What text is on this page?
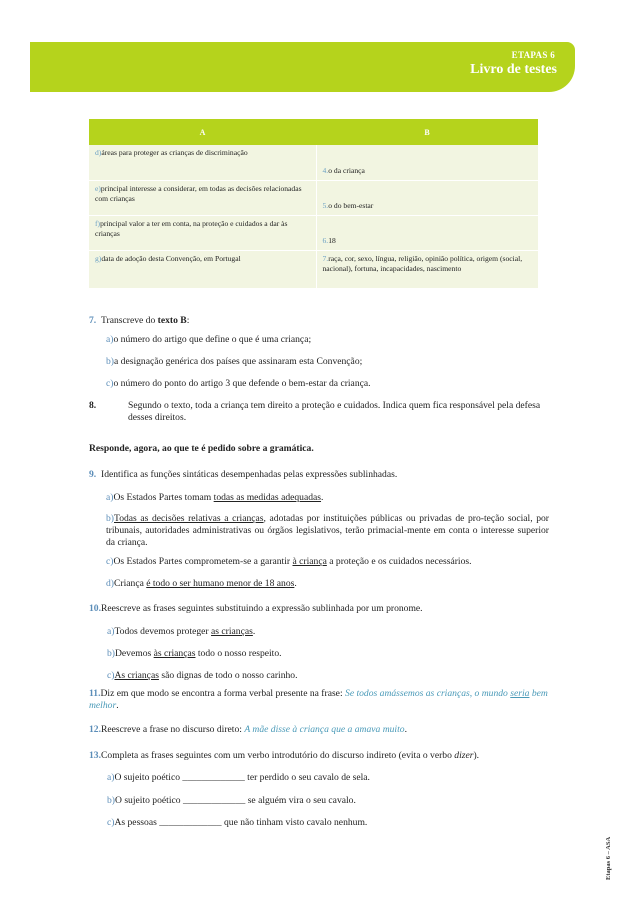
ETAPAS 6
Livro de testes
A	B
d)áreas para proteger as crianças de discriminação	4.o da criança
e)principal interesse a considerar, em todas as decisões relacionadas com crianças	5.o do bem-estar
f)principal valor a ter em conta, na proteção e cuidados a dar às crianças	6.18
g)data de adoção desta Convenção, em Portugal	7.raça, cor, sexo, língua, religião, opinião política, origem (social, nacional), fortuna, incapacidades, nascimento
7. Transcreve do texto B:
a)o número do artigo que define o que é uma criança;
b)a designação genérica dos países que assinaram esta Convenção;
c)o número do ponto do artigo 3 que defende o bem-estar da criança.
8.	Segundo o texto, toda a criança tem direito a proteção e cuidados. Indica quem fica responsável pela defesa desses direitos.
Responde, agora, ao que te é pedido sobre a gramática.
9. Identifica as funções sintáticas desempenhadas pelas expressões sublinhadas.
a)Os Estados Partes tomam todas as medidas adequadas.
b)Todas as decisões relativas a crianças, adotadas por instituições públicas ou privadas de pro-teção social, por tribunais, autoridades administrativas ou órgãos legislativos, terão primacial-mente em conta o interesse superior da criança.
c)Os Estados Partes comprometem-se a garantir à criança a proteção e os cuidados necessários.
d)Criança é todo o ser humano menor de 18 anos.
10.Reescreve as frases seguintes substituindo a expressão sublinhada por um pronome.
a)Todos devemos proteger as crianças.
b)Devemos às crianças todo o nosso respeito.
c)As crianças são dignas de todo o nosso carinho.
11.Diz em que modo se encontra a forma verbal presente na frase: Se todos amássemos as crianças, o mundo seria bem melhor.
12.Reescreve a frase no discurso direto: A mãe disse à criança que a amava muito.
13.Completa as frases seguintes com um verbo introdutório do discurso indireto (evita o verbo dizer).
a)O sujeito poético _____________ ter perdido o seu cavalo de sela.
b)O sujeito poético _____________ se alguém vira o seu cavalo.
c)As pessoas _____________ que não tinham visto cavalo nenhum.
Etapas 6 – ASA
